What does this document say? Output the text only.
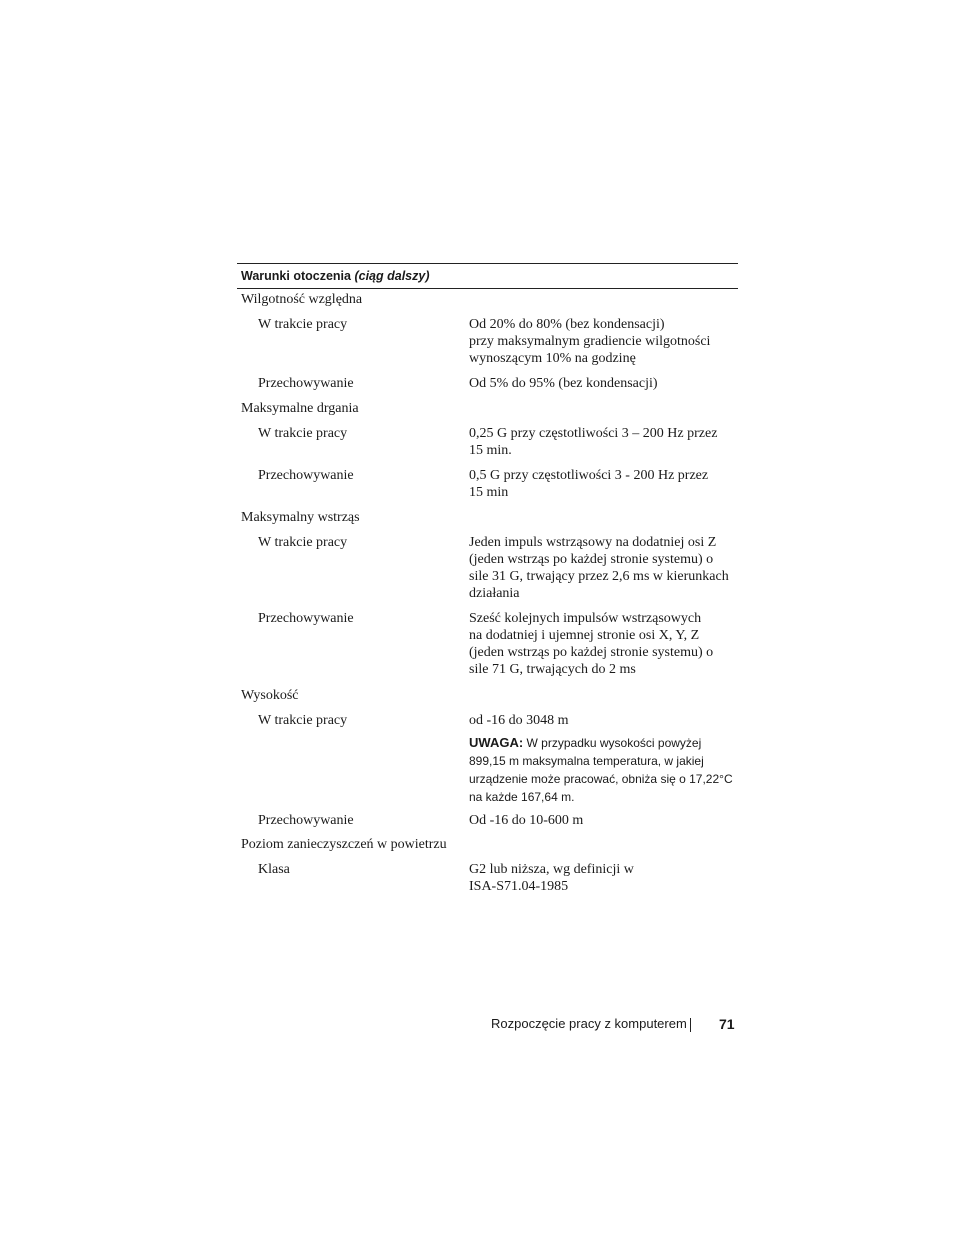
Warunki otoczenia (ciąg dalszy)
Wilgotność względna
W trakcie pracy	Od 20% do 80% (bez kondensacji)
przy maksymalnym gradiencie wilgotności
wynoszącym 10% na godzinę
Przechowywanie	Od 5% do 95% (bez kondensacji)
Maksymalne drgania
W trakcie pracy	0,25 G przy częstotliwości 3 – 200 Hz przez
15 min.
Przechowywanie	0,5 G przy częstotliwości 3 - 200 Hz przez
15 min
Maksymalny wstrząs
W trakcie pracy	Jeden impuls wstrząsowy na dodatniej osi Z
(jeden wstrząs po każdej stronie systemu) o
sile 31 G, trwający przez 2,6 ms w kierunkach
działania
Przechowywanie	Sześć kolejnych impulsów wstrząsowych
na dodatniej i ujemnej stronie osi X, Y, Z
(jeden wstrząs po każdej stronie systemu) o
sile 71 G, trwających do 2 ms
Wysokość
W trakcie pracy	od -16 do 3048 m
UWAGA: W przypadku wysokości powyżej
899,15 m maksymalna temperatura, w jakiej
urządzenie może pracować, obniża się o 17,22°C
na każde 167,64 m.
Przechowywanie	Od -16 do 10-600 m
Poziom zanieczyszczeń w powietrzu
Klasa	G2 lub niższa, wg definicji w
ISA-S71.04-1985
Rozpoczęcie pracy z komputerem 71
